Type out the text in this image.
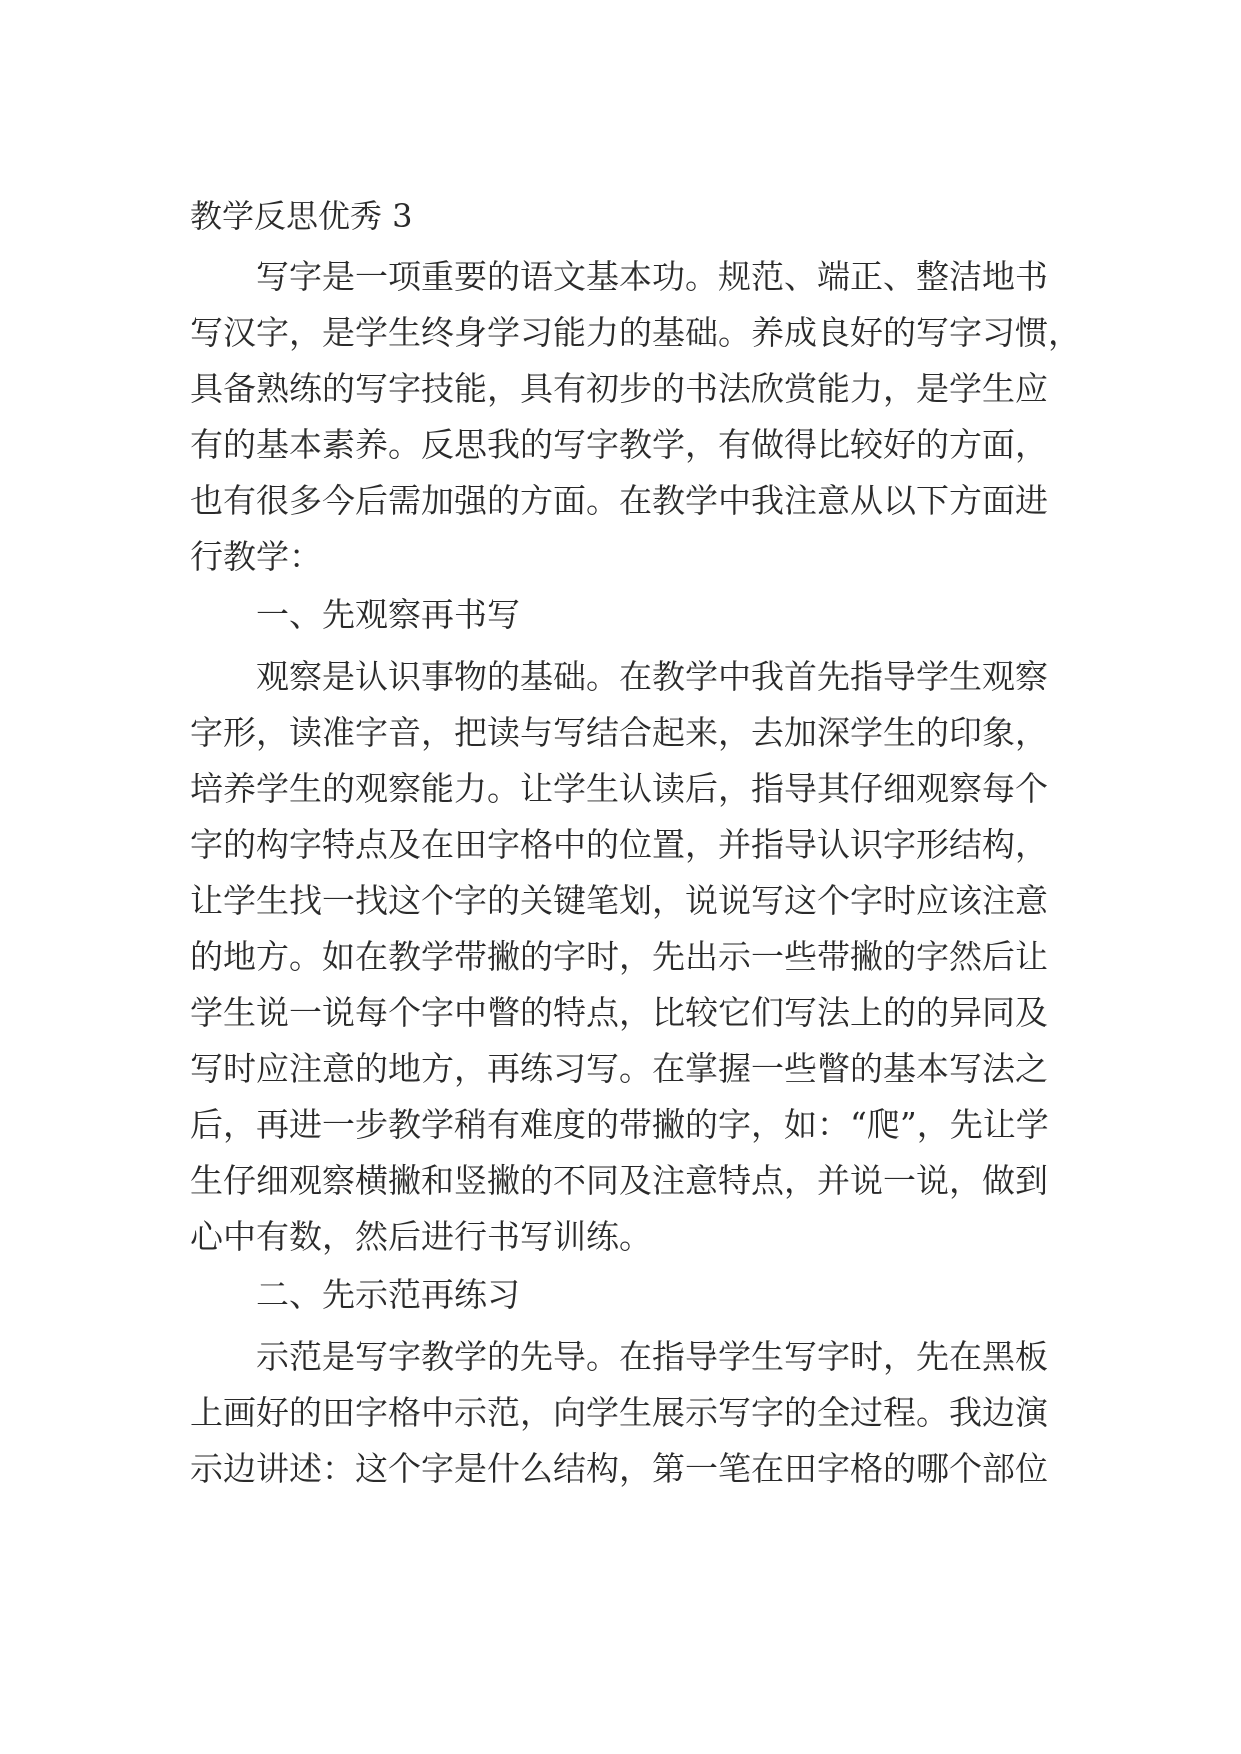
教学反思优秀 3
写字是一项重要的语文基本功。规范、端正、整洁地书
写汉字，是学生终身学习能力的基础。养成良好的写字习惯，
具备熟练的写字技能，具有初步的书法欣赏能力，是学生应
有的基本素养。反思我的写字教学，有做得比较好的方面，
也有很多今后需加强的方面。在教学中我注意从以下方面进
行教学：
一、先观察再书写
观察是认识事物的基础。在教学中我首先指导学生观察
字形，读准字音，把读与写结合起来，去加深学生的印象，
培养学生的观察能力。让学生认读后，指导其仔细观察每个
字的构字特点及在田字格中的位置，并指导认识字形结构，
让学生找一找这个字的关键笔划，说说写这个字时应该注意
的地方。如在教学带撇的字时，先出示一些带撇的字然后让
学生说一说每个字中瞥的特点，比较它们写法上的的异同及
写时应注意的地方，再练习写。在掌握一些瞥的基本写法之
后，再进一步教学稍有难度的带撇的字，如：“爬”，先让学
生仔细观察横撇和竖撇的不同及注意特点，并说一说，做到
心中有数，然后进行书写训练。
二、先示范再练习
示范是写字教学的先导。在指导学生写字时，先在黑板
上画好的田字格中示范，向学生展示写字的全过程。我边演
示边讲述：这个字是什么结构，第一笔在田字格的哪个部位
